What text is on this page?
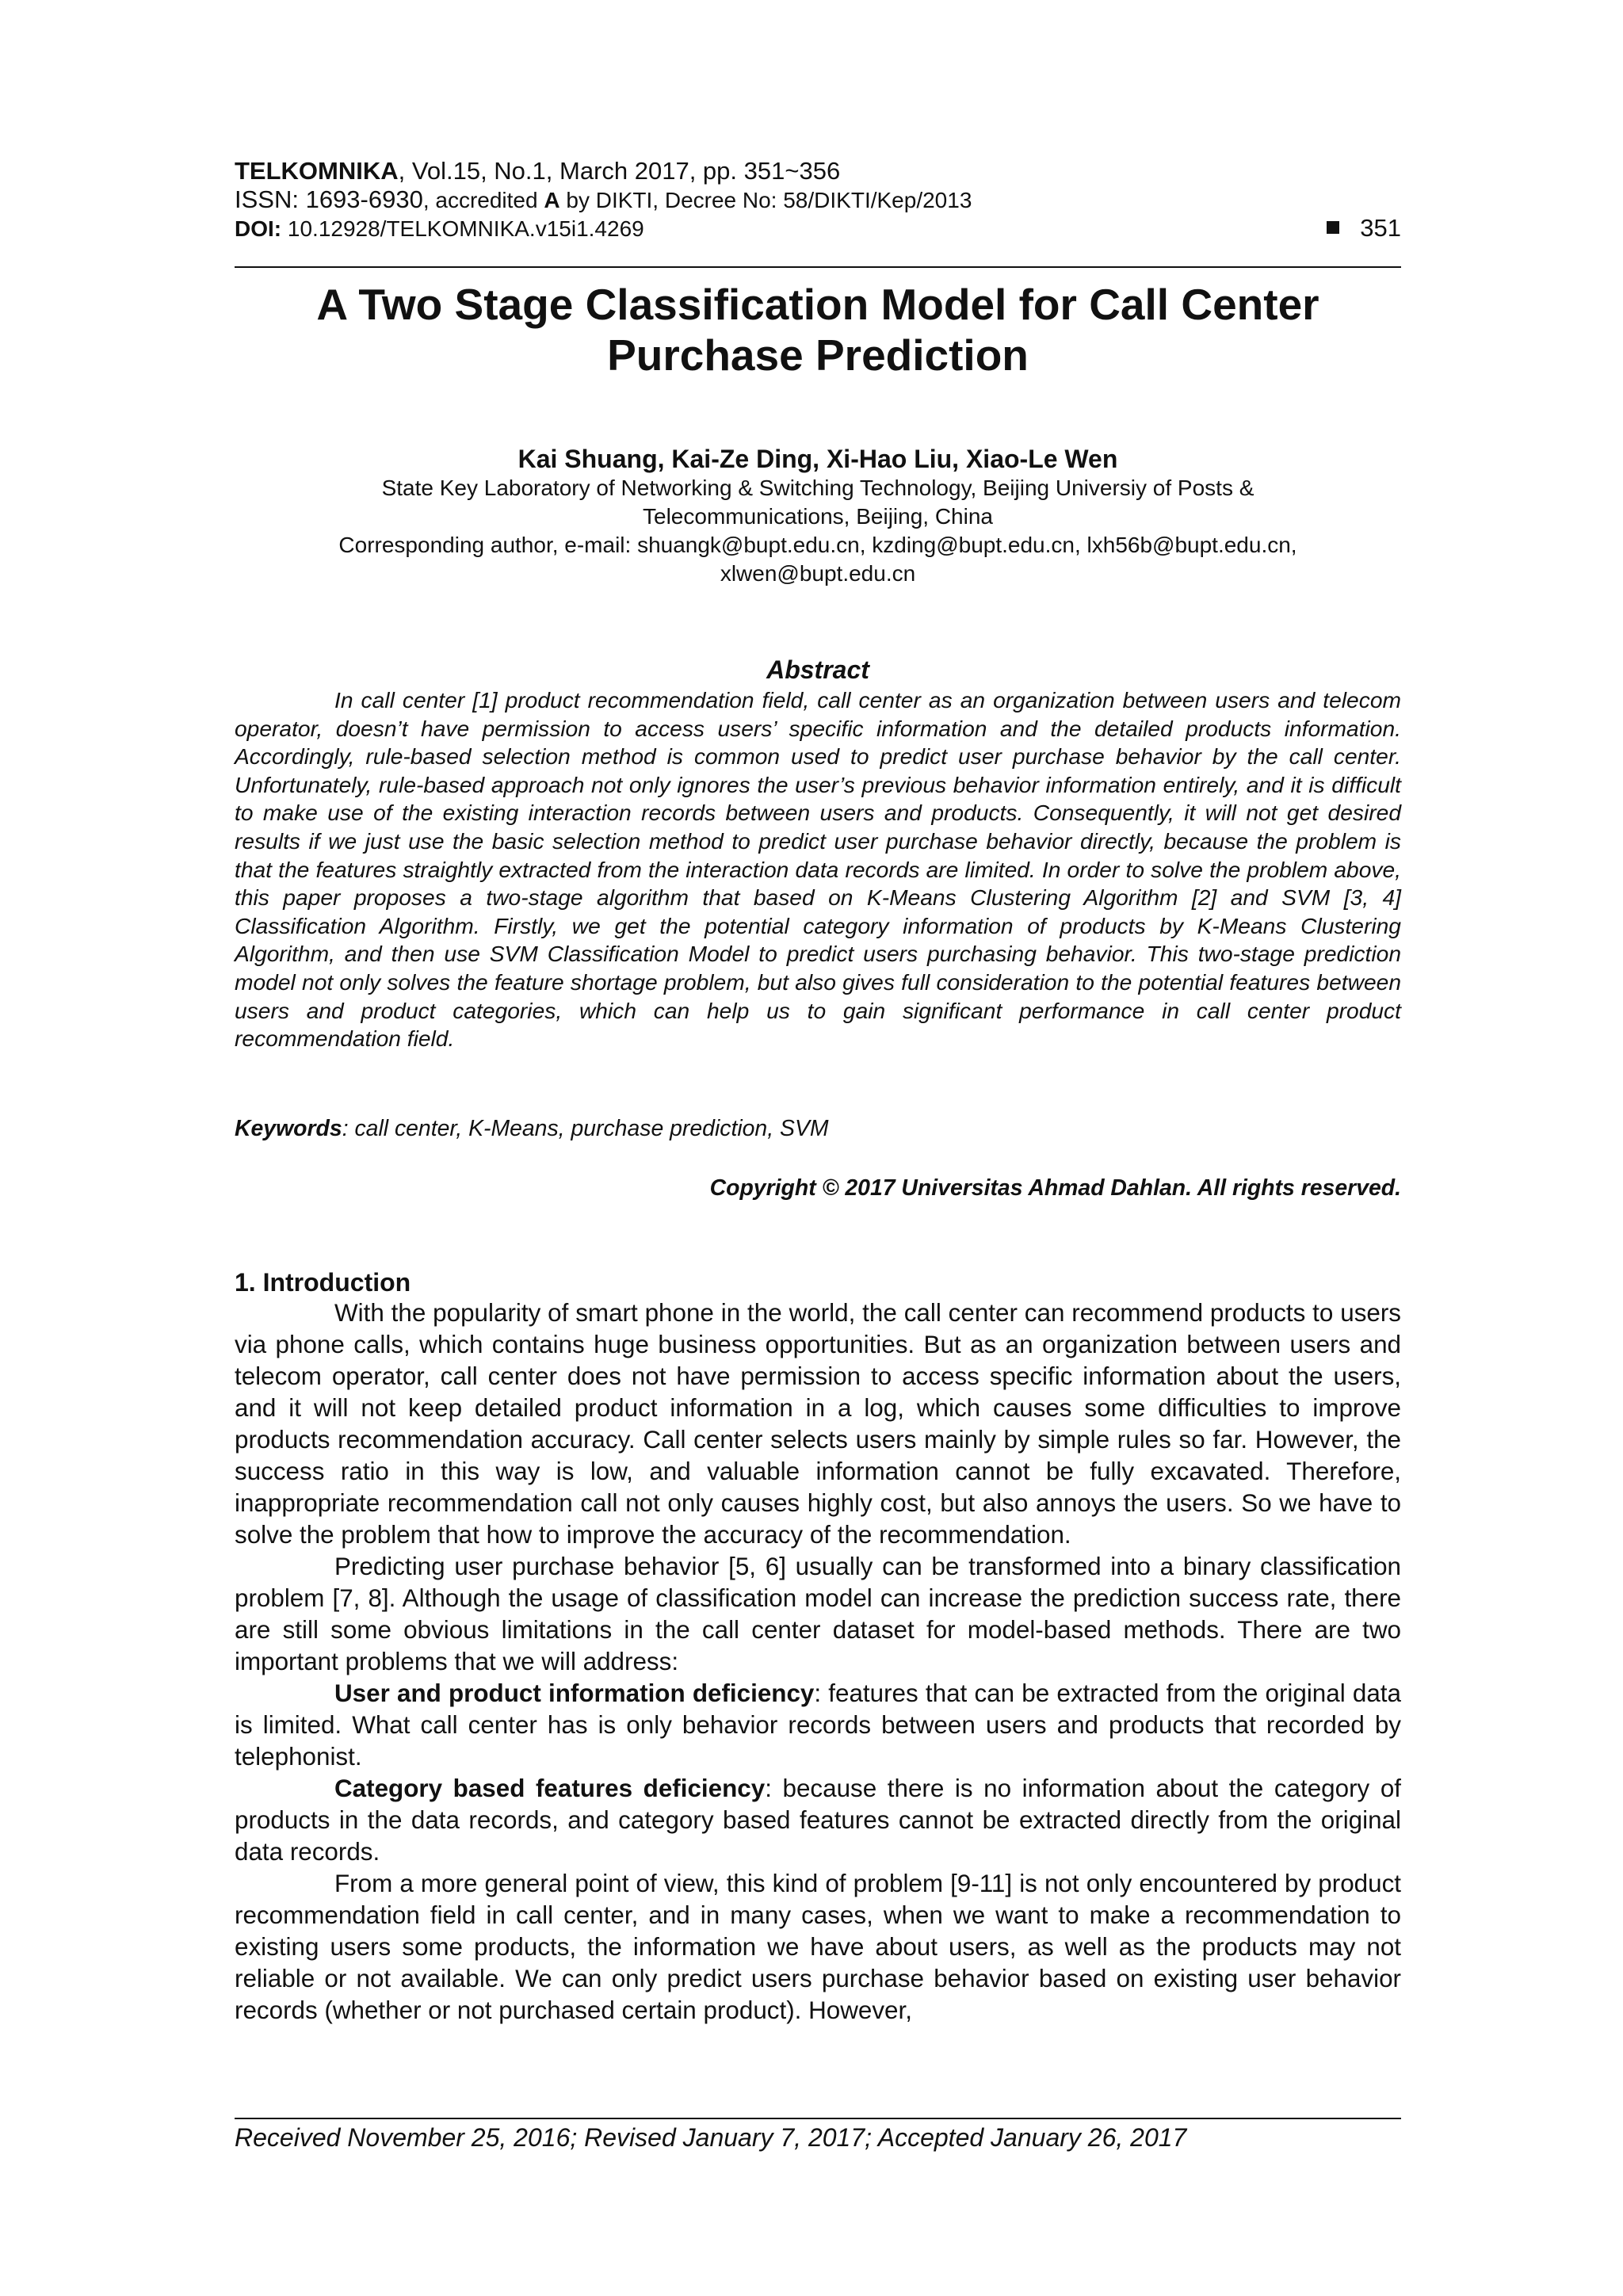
TELKOMNIKA, Vol.15, No.1, March 2017, pp. 351~356
ISSN: 1693-6930, accredited A by DIKTI, Decree No: 58/DIKTI/Kep/2013
DOI: 10.12928/TELKOMNIKA.v15i1.4269	351
A Two Stage Classification Model for Call Center
Purchase Prediction
Kai Shuang, Kai-Ze Ding, Xi-Hao Liu, Xiao-Le Wen
State Key Laboratory of Networking & Switching Technology, Beijing Universiy of Posts &
Telecommunications, Beijing, China
Corresponding author, e-mail: shuangk@bupt.edu.cn, kzding@bupt.edu.cn, lxh56b@bupt.edu.cn,
xlwen@bupt.edu.cn
Abstract

In call center [1] product recommendation field, call center as an organization between users and telecom operator, doesn’t have permission to access users’ specific information and the detailed products information. Accordingly, rule-based selection method is common used to predict user purchase behavior by the call center. Unfortunately, rule-based approach not only ignores the user’s previous behavior information entirely, and it is difficult to make use of the existing interaction records between users and products. Consequently, it will not get desired results if we just use the basic selection method to predict user purchase behavior directly, because the problem is that the features straightly extracted from the interaction data records are limited. In order to solve the problem above, this paper proposes a two-stage algorithm that based on K-Means Clustering Algorithm [2] and SVM [3, 4] Classification Algorithm. Firstly, we get the potential category information of products by K-Means Clustering Algorithm, and then use SVM Classification Model to predict users purchasing behavior. This two-stage prediction model not only solves the feature shortage problem, but also gives full consideration to the potential features between users and product categories, which can help us to gain significant performance in call center product recommendation field.

Keywords: call center, K-Means, purchase prediction, SVM
Copyright © 2017 Universitas Ahmad Dahlan. All rights reserved.
1. Introduction

With the popularity of smart phone in the world, the call center can recommend products to users via phone calls, which contains huge business opportunities. But as an organization between users and telecom operator, call center does not have permission to access specific information about the users, and it will not keep detailed product information in a log, which causes some difficulties to improve products recommendation accuracy. Call center selects users mainly by simple rules so far. However, the success ratio in this way is low, and valuable information cannot be fully excavated. Therefore, inappropriate recommendation call not only causes highly cost, but also annoys the users. So we have to solve the problem that how to improve the accuracy of the recommendation.

Predicting user purchase behavior [5, 6] usually can be transformed into a binary classification problem [7, 8]. Although the usage of classification model can increase the prediction success rate, there are still some obvious limitations in the call center dataset for model-based methods. There are two important problems that we will address:

User and product information deficiency: features that can be extracted from the original data is limited. What call center has is only behavior records between users and products that recorded by telephonist.

Category based features deficiency: because there is no information about the category of products in the data records, and category based features cannot be extracted directly from the original data records.

From a more general point of view, this kind of problem [9-11] is not only encountered by product recommendation field in call center, and in many cases, when we want to make a recommendation to existing users some products, the information we have about users, as well as the products may not reliable or not available. We can only predict users purchase behavior based on existing user behavior records (whether or not purchased certain product). However,

Received November 25, 2016; Revised January 7, 2017; Accepted January 26, 2017
